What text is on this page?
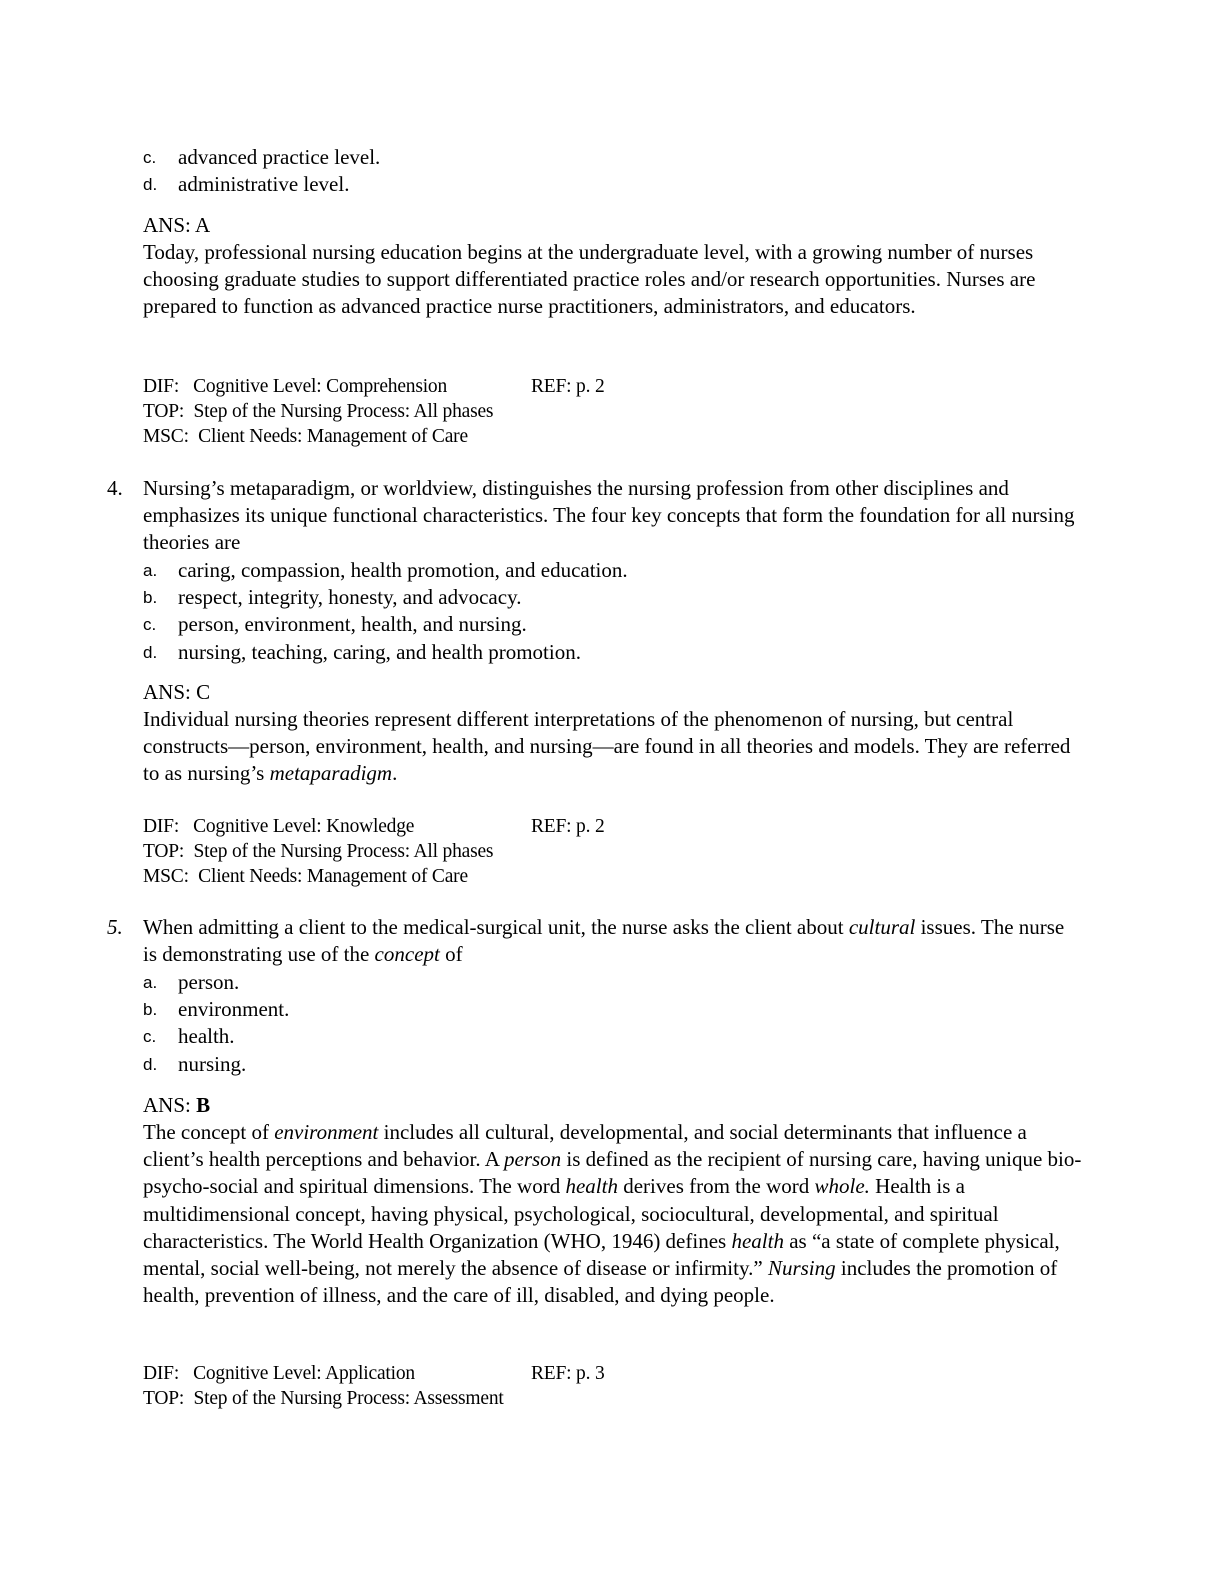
c. advanced practice level.
d. administrative level.
ANS: A
Today, professional nursing education begins at the undergraduate level, with a growing number of nurses choosing graduate studies to support differentiated practice roles and/or research opportunities. Nurses are prepared to function as advanced practice nurse practitioners, administrators, and educators.
DIF: Cognitive Level: Comprehension	REF: p. 2
TOP: Step of the Nursing Process: All phases
MSC: Client Needs: Management of Care
4. Nursing’s metaparadigm, or worldview, distinguishes the nursing profession from other disciplines and emphasizes its unique functional characteristics. The four key concepts that form the foundation for all nursing theories are
a. caring, compassion, health promotion, and education.
b. respect, integrity, honesty, and advocacy.
c. person, environment, health, and nursing.
d. nursing, teaching, caring, and health promotion.
ANS: C
Individual nursing theories represent different interpretations of the phenomenon of nursing, but central constructs—person, environment, health, and nursing—are found in all theories and models. They are referred to as nursing’s metaparadigm.
DIF: Cognitive Level: Knowledge	REF: p. 2
TOP: Step of the Nursing Process: All phases
MSC: Client Needs: Management of Care
5. When admitting a client to the medical-surgical unit, the nurse asks the client about cultural issues. The nurse is demonstrating use of the concept of
a. person.
b. environment.
c. health.
d. nursing.
ANS: B
The concept of environment includes all cultural, developmental, and social determinants that influence a client’s health perceptions and behavior. A person is defined as the recipient of nursing care, having unique bio-psycho-social and spiritual dimensions. The word health derives from the word whole. Health is a multidimensional concept, having physical, psychological, sociocultural, developmental, and spiritual characteristics. The World Health Organization (WHO, 1946) defines health as “a state of complete physical, mental, social well-being, not merely the absence of disease or infirmity.” Nursing includes the promotion of health, prevention of illness, and the care of ill, disabled, and dying people.
DIF: Cognitive Level: Application	REF: p. 3
TOP: Step of the Nursing Process: Assessment
